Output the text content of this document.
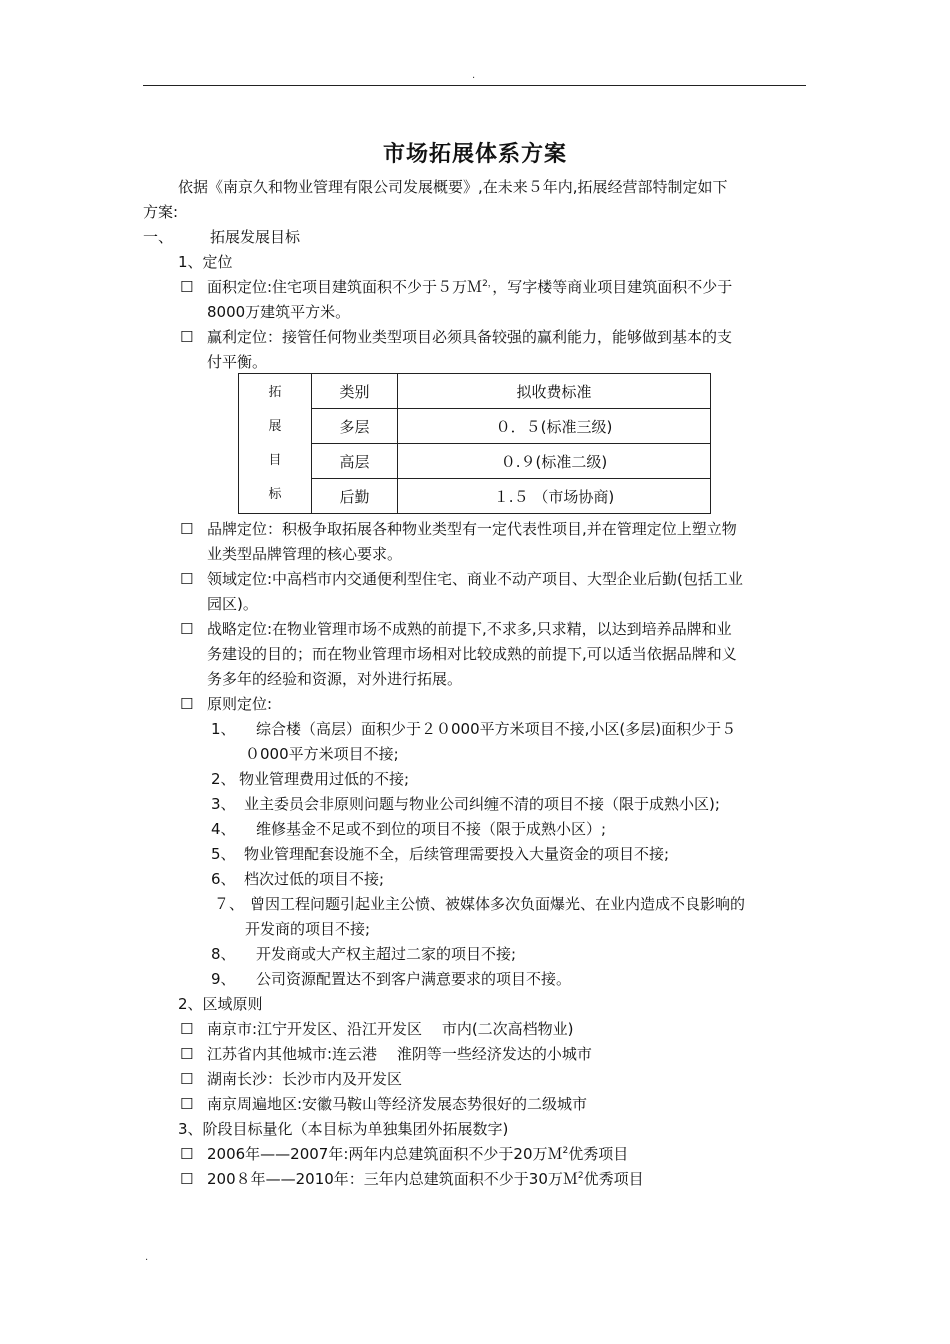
.
市场拓展体系方案
依据《南京久和物业管理有限公司发展概要》,在未来５年内,拓展经营部特制定如下
方案:
一、 拓展发展目标
1、定位
☐ 面积定位:住宅项目建筑面积不少于５万Ｍ$^{2,}$，写字楼等商业项目建筑面积不少于
8000万建筑平方米。
☐ 赢利定位：接管任何物业类型项目必须具备较强的赢利能力，能够做到基本的支
付平衡。
拓
展
目
标	类别	拟收费标准
	多层	０．５(标准三级)
	高层	０.９(标准二级)
	后勤	１.５ （市场协商)
☐ 品牌定位：积极争取拓展各种物业类型有一定代表性项目,并在管理定位上塑立物
业类型品牌管理的核心要求。
☐ 领域定位:中高档市内交通便利型住宅、商业不动产项目、大型企业后勤(包括工业
园区)。
☐ 战略定位:在物业管理市场不成熟的前提下,不求多,只求精，以达到培养品牌和业
务建设的目的；而在物业管理市场相对比较成熟的前提下,可以适当依据品牌和义
务多年的经验和资源，对外进行拓展。
☐ 原则定位:
1、 综合楼（高层）面积少于２０000平方米项目不接,小区(多层)面积少于５
０000平方米项目不接;
2、 物业管理费用过低的不接;
3、 业主委员会非原则问题与物业公司纠缠不清的项目不接（限于成熟小区);
4、 维修基金不足或不到位的项目不接（限于成熟小区）;
5、 物业管理配套设施不全，后续管理需要投入大量资金的项目不接;
6、 档次过低的项目不接;
７、 曾因工程问题引起业主公愤、被媒体多次负面爆光、在业内造成不良影响的
开发商的项目不接;
8、 开发商或大产权主超过二家的项目不接;
9、 公司资源配置达不到客户满意要求的项目不接。
2、区域原则
☐ 南京市:江宁开发区、沿江开发区　 市内(二次高档物业)
☐ 江苏省内其他城市:连云港　 淮阴等一些经济发达的小城市
☐ 湖南长沙：长沙市内及开发区
☐ 南京周遍地区:安徽马鞍山等经济发展态势很好的二级城市
3、阶段目标量化（本目标为单独集团外拓展数字)
☐ 2006年——2007年:两年内总建筑面积不少于20万Ｍ$^2$优秀项目
☐ 200８年——2010年：三年内总建筑面积不少于30万Ｍ$^2$优秀项目
.
